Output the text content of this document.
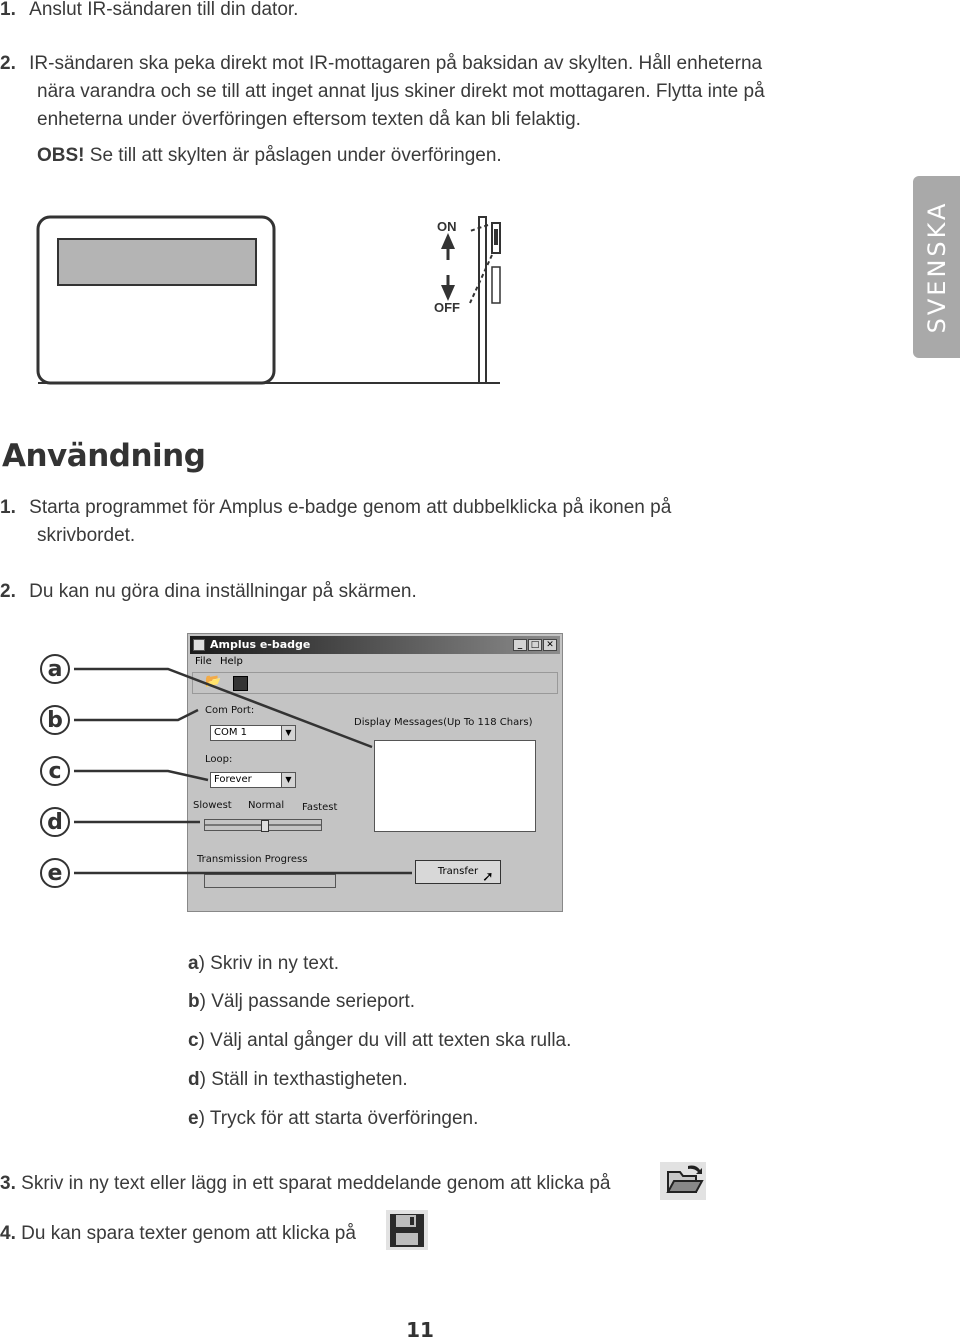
1. Anslut IR-sändaren till din dator.
2. IR-sändaren ska peka direkt mot IR-mottagaren på baksidan av skylten. Håll enheterna
nära varandra och se till att inget annat ljus skiner direkt mot mottagaren. Flytta inte på
enheterna under överföringen eftersom texten då kan bli felaktig.
OBS! Se till att skylten är påslagen under överföringen.
ON
OFF	SVENSKA
Användning
1. Starta programmet för Amplus e-badge genom att dubbelklicka på ikonen på
skrivbordet.
2. Du kan nu göra dina inställningar på skärmen.
a
b
c
d
e
Amplus e-badge	_ □ ✕
File Help
📂
Com Port:
COM 1	▼
Loop:
Forever	▼
Display Messages(Up To 118 Chars)
Slowest Normal Fastest
Transmission Progress
Transfer ➚
a) Skriv in ny text.
b) Välj passande serieport.
c) Välj antal gånger du vill att texten ska rulla.
d) Ställ in texthastigheten.
e) Tryck för att starta överföringen.
3. Skriv in ny text eller lägg in ett sparat meddelande genom att klicka på
4. Du kan spara texter genom att klicka på
11
